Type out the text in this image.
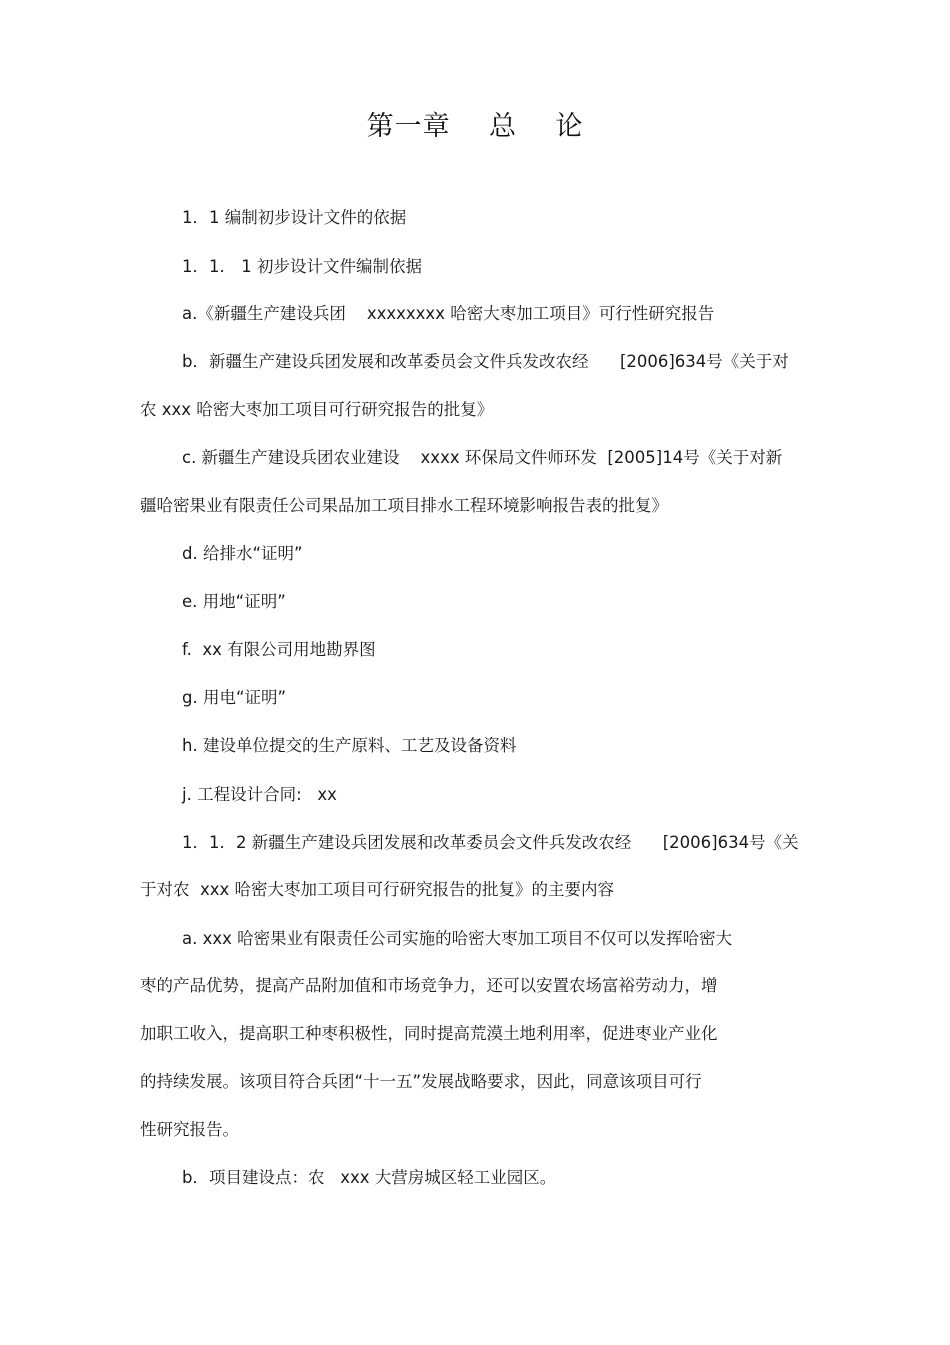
第一章    总    论
1．1 编制初步设计文件的依据
1．1． 1 初步设计文件编制依据
a.《新疆生产建设兵团    xxxxxxxx 哈密大枣加工项目》可行性研究报告
b．新疆生产建设兵团发展和改革委员会文件兵发改农经      [2006]634号《关于对
农 xxx 哈密大枣加工项目可行研究报告的批复》
c. 新疆生产建设兵团农业建设    xxxx 环保局文件师环发  [2005]14号《关于对新
疆哈密果业有限责任公司果品加工项目排水工程环境影响报告表的批复》
d. 给排水“证明”
e. 用地“证明”
f.  xx 有限公司用地勘界图
g. 用电“证明”
h. 建设单位提交的生产原料、工艺及设备资料
j. 工程设计合同:   xx
1．1．2 新疆生产建设兵团发展和改革委员会文件兵发改农经      [2006]634号《关
于对农  xxx 哈密大枣加工项目可行研究报告的批复》的主要内容
a. xxx 哈密果业有限责任公司实施的哈密大枣加工项目不仅可以发挥哈密大
枣的产品优势，提高产品附加值和市场竞争力，还可以安置农场富裕劳动力，增
加职工收入，提高职工种枣积极性，同时提高荒漠土地利用率，促进枣业产业化
的持续发展。该项目符合兵团“十一五”发展战略要求，因此，同意该项目可行
性研究报告。
b．项目建设点：农   xxx 大营房城区轻工业园区。
